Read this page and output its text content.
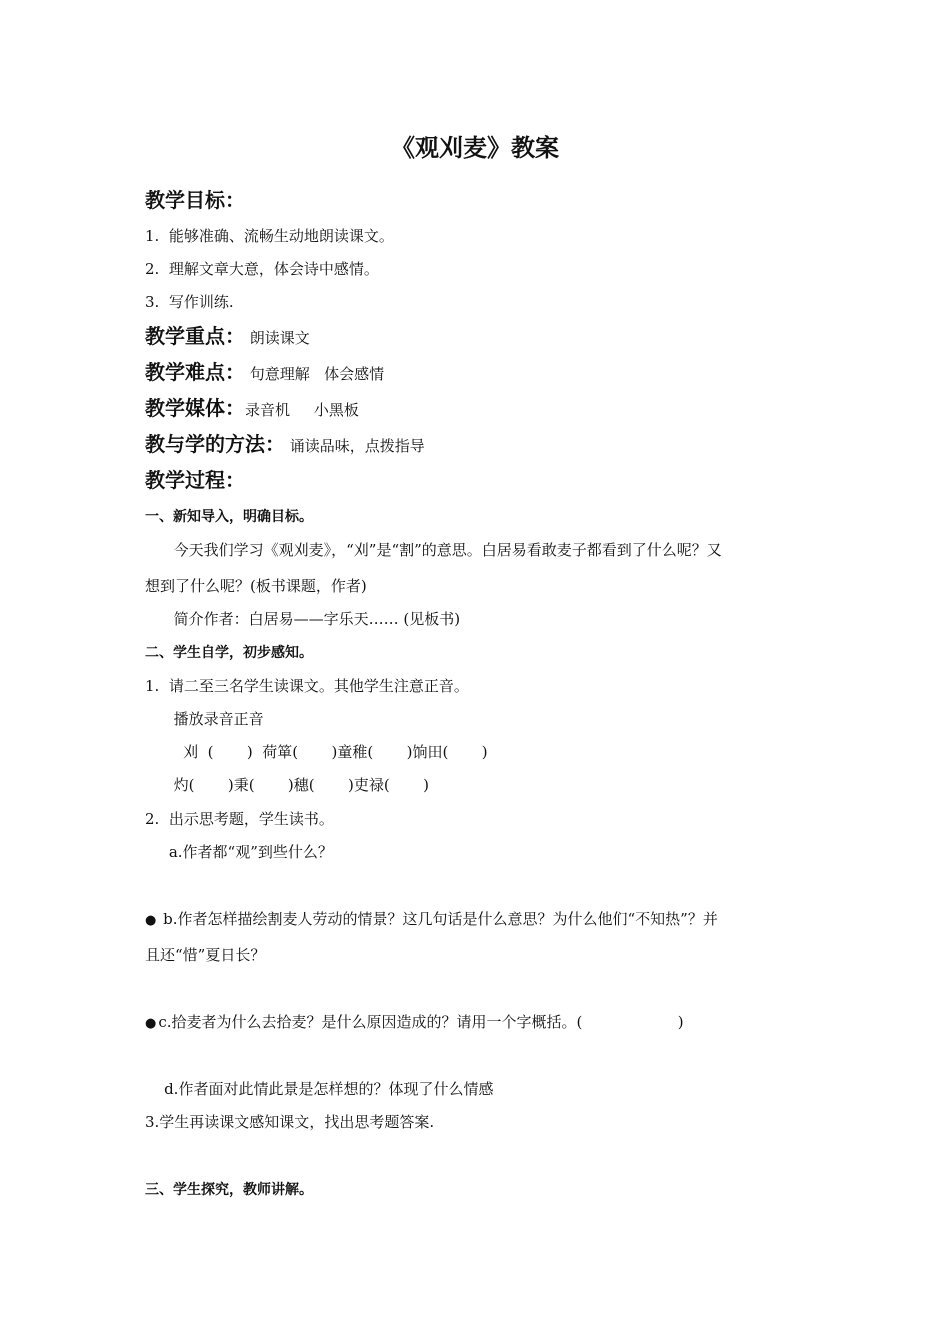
《观刈麦》教案
教学目标：
1.  能够准确、流畅生动地朗读课文。
2.  理解文章大意，体会诗中感情。
3.  写作训练.
教学重点： 朗读课文
教学难点： 句意理解   体会感情
教学媒体：录音机     小黑板
教与学的方法： 诵读品味，点拨指导
教学过程：
一、新知导入，明确目标。
今天我们学习《观刈麦》，“刈”是“割”的意思。白居易看敢麦子都看到了什么呢？又
想到了什么呢？(板书课题，作者)
简介作者：白居易——字乐天…… (见板书)
二、学生自学，初步感知。
1.  请二至三名学生读课文。其他学生注意正音。
播放录音正音
刈  (       )  荷箪(       )童稚(       )饷田(       )
灼(       )秉(       )穗(       )吏禄(       )
2.  出示思考题，学生读书。
a.作者都“观”到些什么？
● b.作者怎样描绘割麦人劳动的情景？这几句话是什么意思？为什么他们“不知热”？并
且还“惜”夏日长？
● c.拾麦者为什么去拾麦？是什么原因造成的？请用一个字概括。(                    )
d.作者面对此情此景是怎样想的？体现了什么情感
3.学生再读课文感知课文，找出思考题答案.
三、学生探究，教师讲解。
